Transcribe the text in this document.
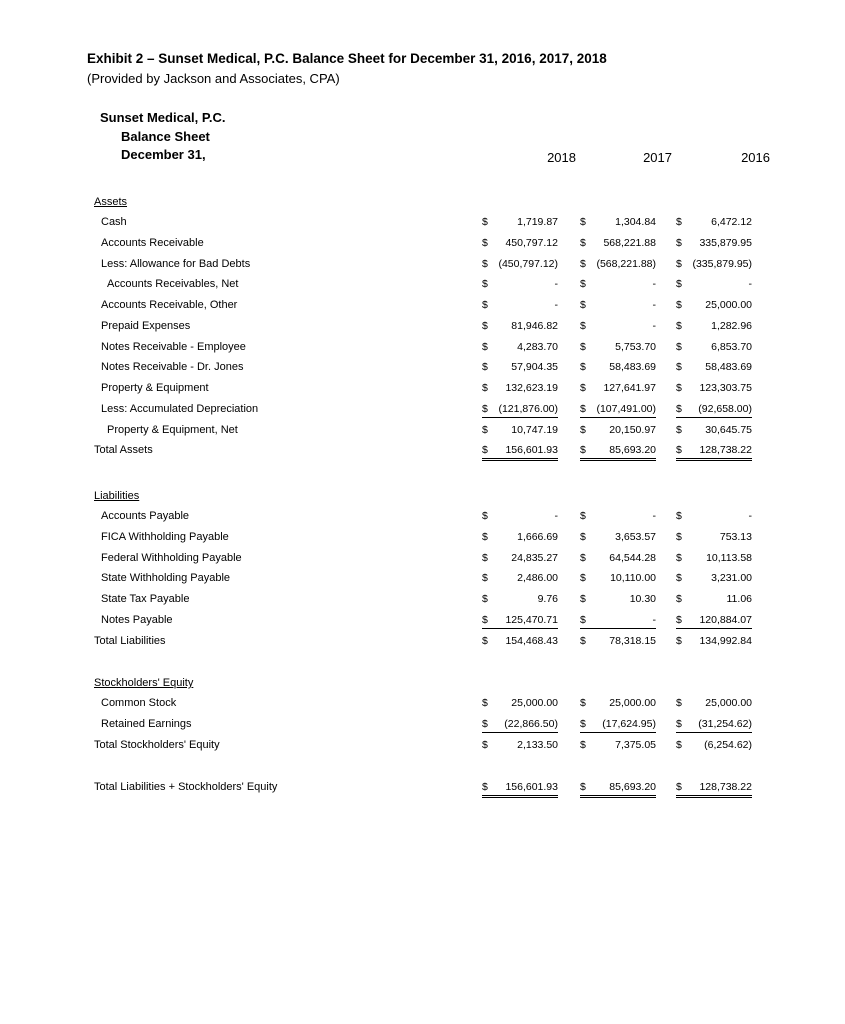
Exhibit 2 – Sunset Medical, P.C. Balance Sheet for December 31, 2016, 2017, 2018
(Provided by Jackson and Associates, CPA)
Sunset Medical, P.C.
Balance Sheet
December 31,	2018	2017	2016
Assets
Liabilities
Stockholders' Equity
Cash	$	1,719.87 $	1,304.84 $	6,472.12
Accounts Receivable	$ 450,797.12 $ 568,221.88 $ 335,879.95
Less: Allowance for Bad Debts	$ (450,797.12) $ (568,221.88) $ (335,879.95)
Accounts Receivables, Net	$	- $	- $	-
Accounts Receivable, Other	$	- $	- $ 25,000.00
Prepaid Expenses	$ 81,946.82 $	- $	1,282.96
Notes Receivable - Employee	$	4,283.70 $	5,753.70 $	6,853.70
Notes Receivable - Dr. Jones	$ 57,904.35 $ 58,483.69 $ 58,483.69
Property & Equipment	$ 132,623.19 $ 127,641.97 $ 123,303.75
Less: Accumulated Depreciation	$ (121,876.00) $ (107,491.00) $ (92,658.00)
Property & Equipment, Net	$ 10,747.19 $ 20,150.97 $ 30,645.75
Total Assets	$ 156,601.93 $ 85,693.20 $ 128,738.22
Accounts Payable	$	- $	- $	-
FICA Withholding Payable	$	1,666.69 $	3,653.57 $	753.13
Federal Withholding Payable	$ 24,835.27 $ 64,544.28 $ 10,113.58
State Withholding Payable	$	2,486.00 $ 10,110.00 $	3,231.00
State Tax Payable	$	9.76 $	10.30 $	11.06
Notes Payable	$ 125,470.71 $	- $ 120,884.07
Total Liabilities	$ 154,468.43 $ 78,318.15 $ 134,992.84
Common Stock	$ 25,000.00 $ 25,000.00 $ 25,000.00
Retained Earnings	$ (22,866.50) $ (17,624.95) $ (31,254.62)
Total Stockholders' Equity	$	2,133.50 $	7,375.05 $ (6,254.62)
Total Liabilities + Stockholders' Equity	$ 156,601.93 $ 85,693.20 $ 128,738.22
